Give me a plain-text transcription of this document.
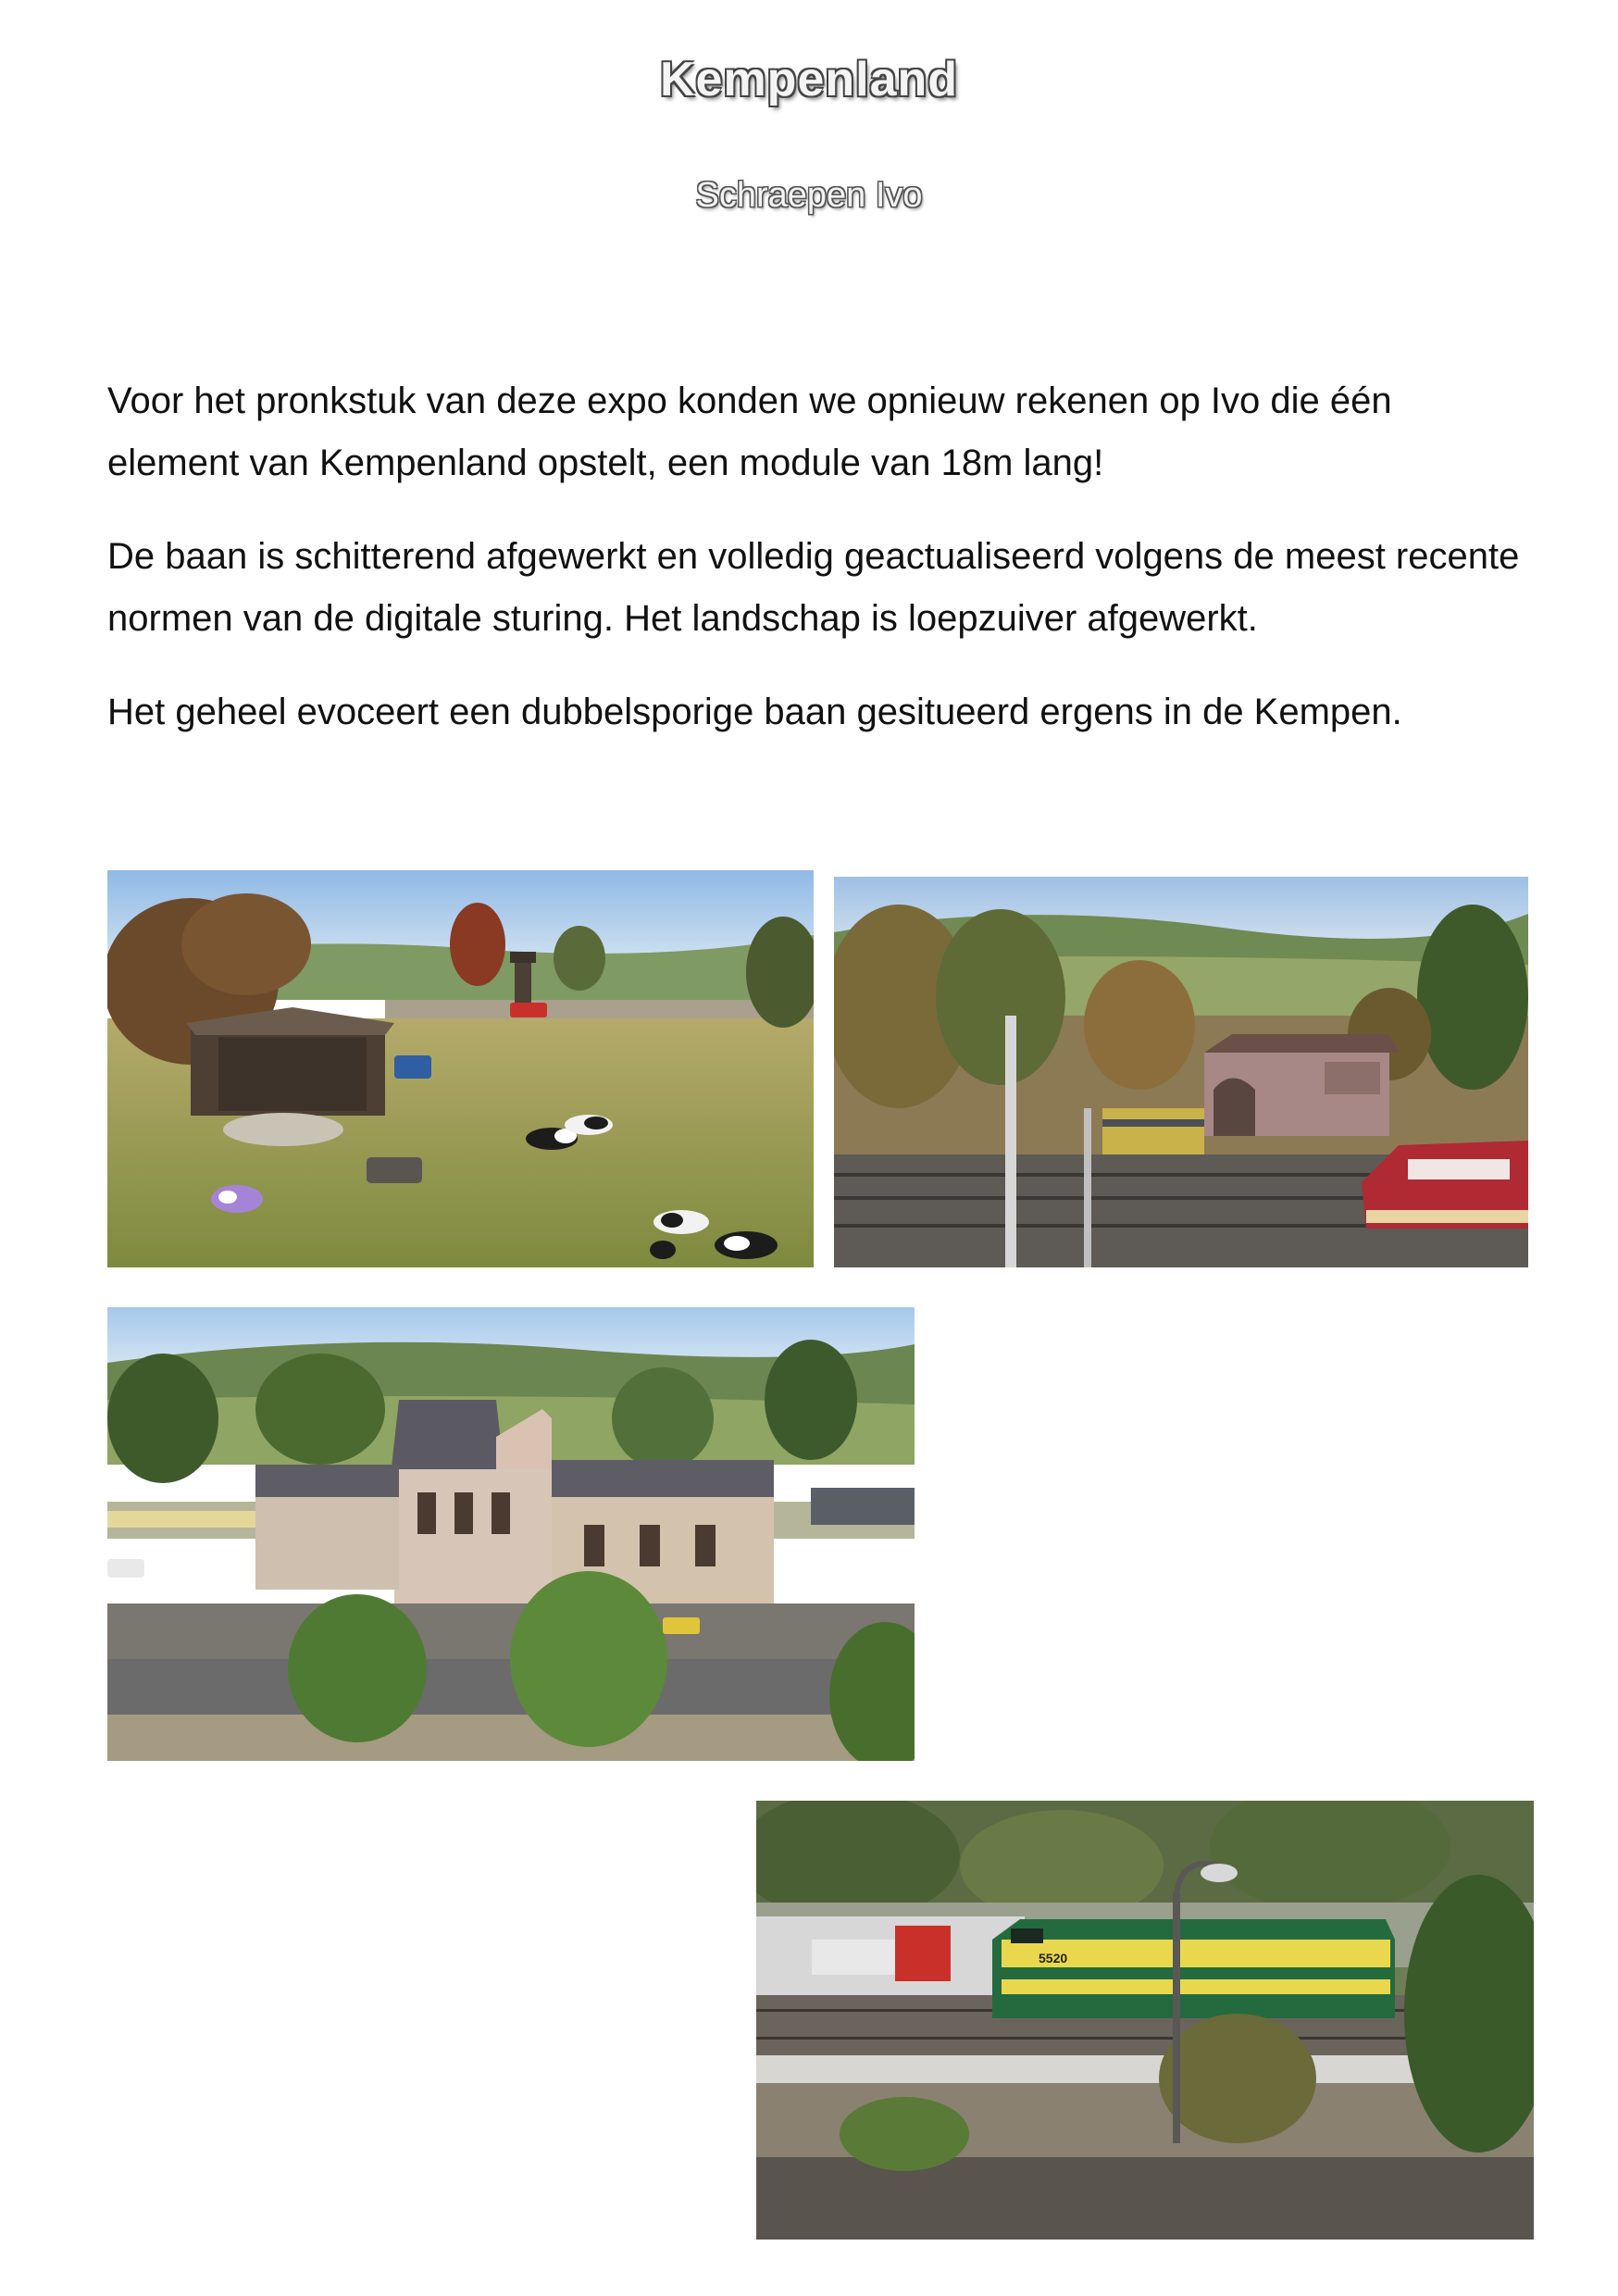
Kempenland
Schraepen Ivo

Voor het pronkstuk van deze expo konden we opnieuw rekenen op Ivo die één element van Kempenland opstelt, een module van 18m lang!

De baan is schitterend afgewerkt en volledig geactualiseerd volgens de meest recente normen van de digitale sturing. Het landschap is loepzuiver afgewerkt.

Het geheel evoceert een dubbelsporige baan gesitueerd ergens in de Kempen.

5520
